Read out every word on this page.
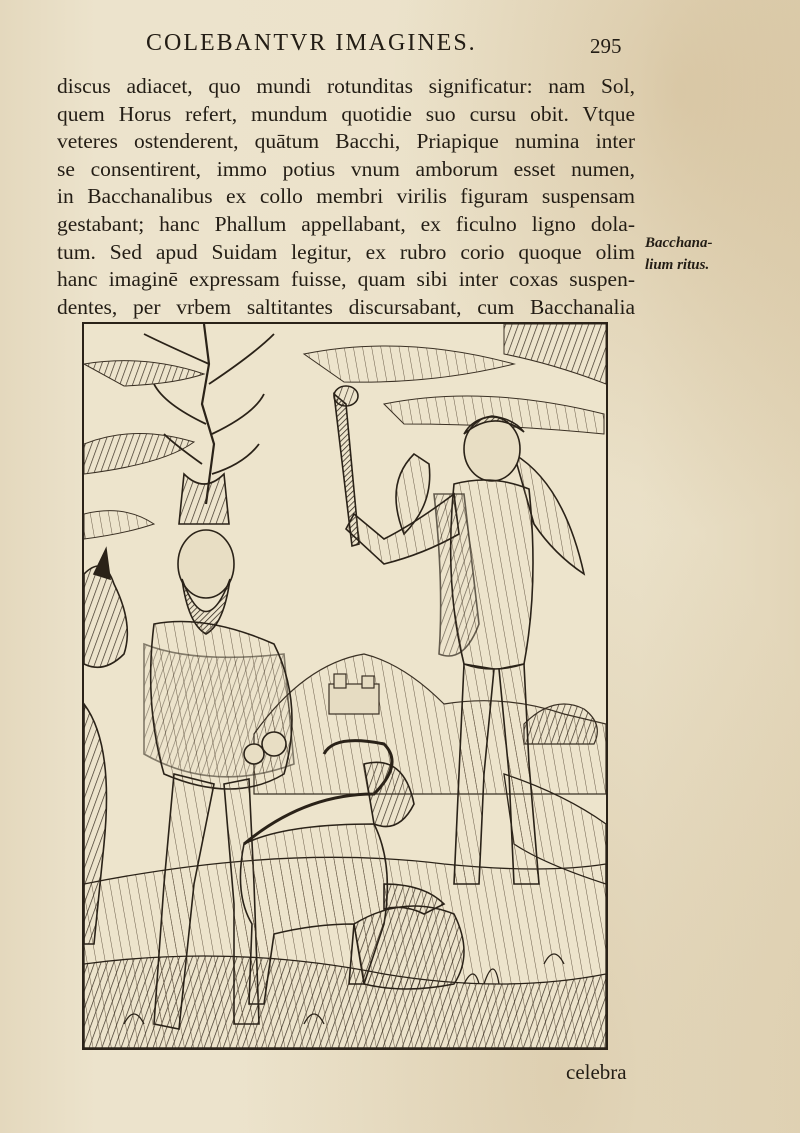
COLEBANTVR IMAGINES.	295
discus adiacet, quo mundi rotunditas significatur: nam Sol,
quem Horus refert, mundum quotidie suo cursu obit. Vtque
veteres ostenderent, quātum Bacchi, Priapique numina inter
se consentirent, immo potius vnum amborum esset numen,
in Bacchanalibus ex collo membri virilis figuram suspensam
gestabant; hanc Phallum appellabant, ex ficulno ligno dola-
tum. Sed apud Suidam legitur, ex rubro corio quoque olim
hanc imaginē expressam fuisse, quam sibi inter coxas suspen-
dentes, per vrbem saltitantes discursabant, cum Bacchanalia
Bacchana-
lium ritus.
celebra
